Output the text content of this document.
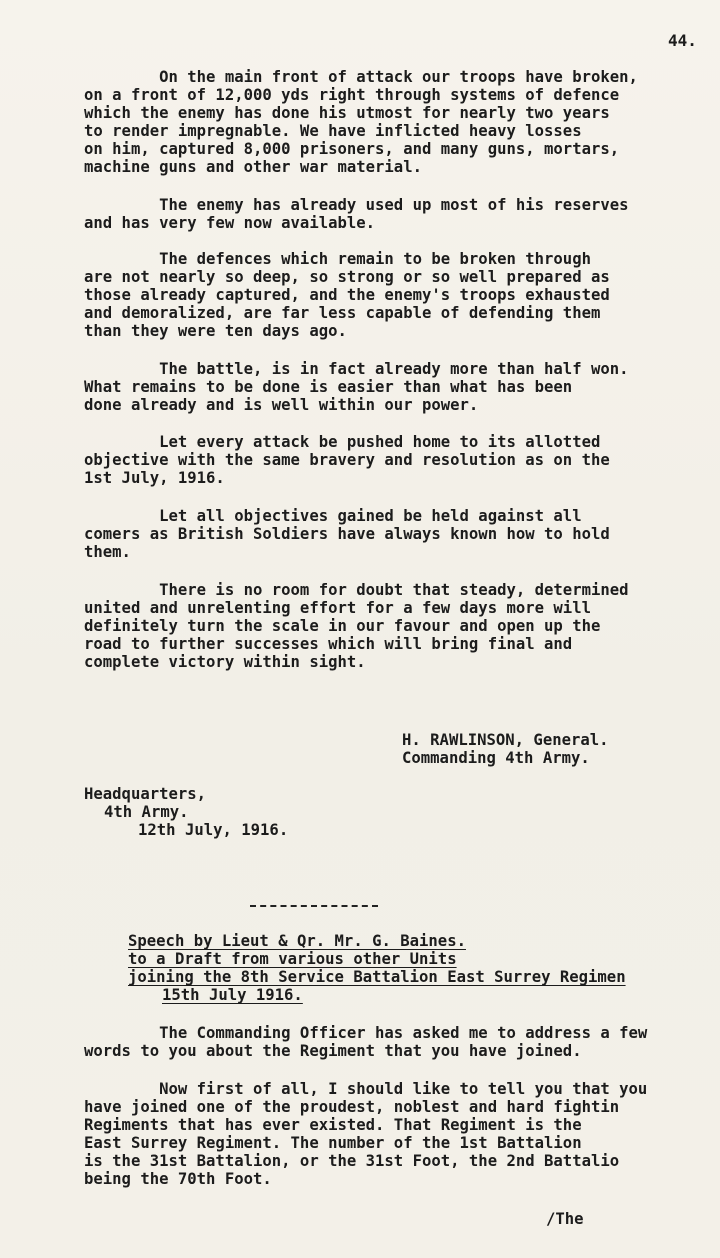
44.
On the main front of attack our troops have broken,
on a front of 12,000 yds right through systems of defence
which the enemy has done his utmost for nearly two years
to render impregnable. We have inflicted heavy losses
on him, captured 8,000 prisoners, and many guns, mortars,
machine guns and other war material.
The enemy has already used up most of his reserves
and has very few now available.
The defences which remain to be broken through
are not nearly so deep, so strong or so well prepared as
those already captured, and the enemy's troops exhausted
and demoralized, are far less capable of defending them
than they were ten days ago.
The battle, is in fact already more than half won.
What remains to be done is easier than what has been
done already and is well within our power.
Let every attack be pushed home to its allotted
objective with the same bravery and resolution as on the
1st July, 1916.
Let all objectives gained be held against all
comers as British Soldiers have always known how to hold
them.
There is no room for doubt that steady, determined
united and unrelenting effort for a few days more will
definitely turn the scale in our favour and open up the
road to further successes which will bring final and
complete victory within sight.
H. RAWLINSON, General.
Commanding 4th Army.
Headquarters,
4th Army.
12th July, 1916.
Speech by Lieut & Qr. Mr. G. Baines.
to a Draft from various other Units
joining the 8th Service Battalion East Surrey Regimen
15th July 1916.
The Commanding Officer has asked me to address a few
words to you about the Regiment that you have joined.
Now first of all, I should like to tell you that you
have joined one of the proudest, noblest and hard fightin
Regiments that has ever existed. That Regiment is the
East Surrey Regiment. The number of the 1st Battalion
is the 31st Battalion, or the 31st Foot, the 2nd Battalio
being the 70th Foot.
/The
